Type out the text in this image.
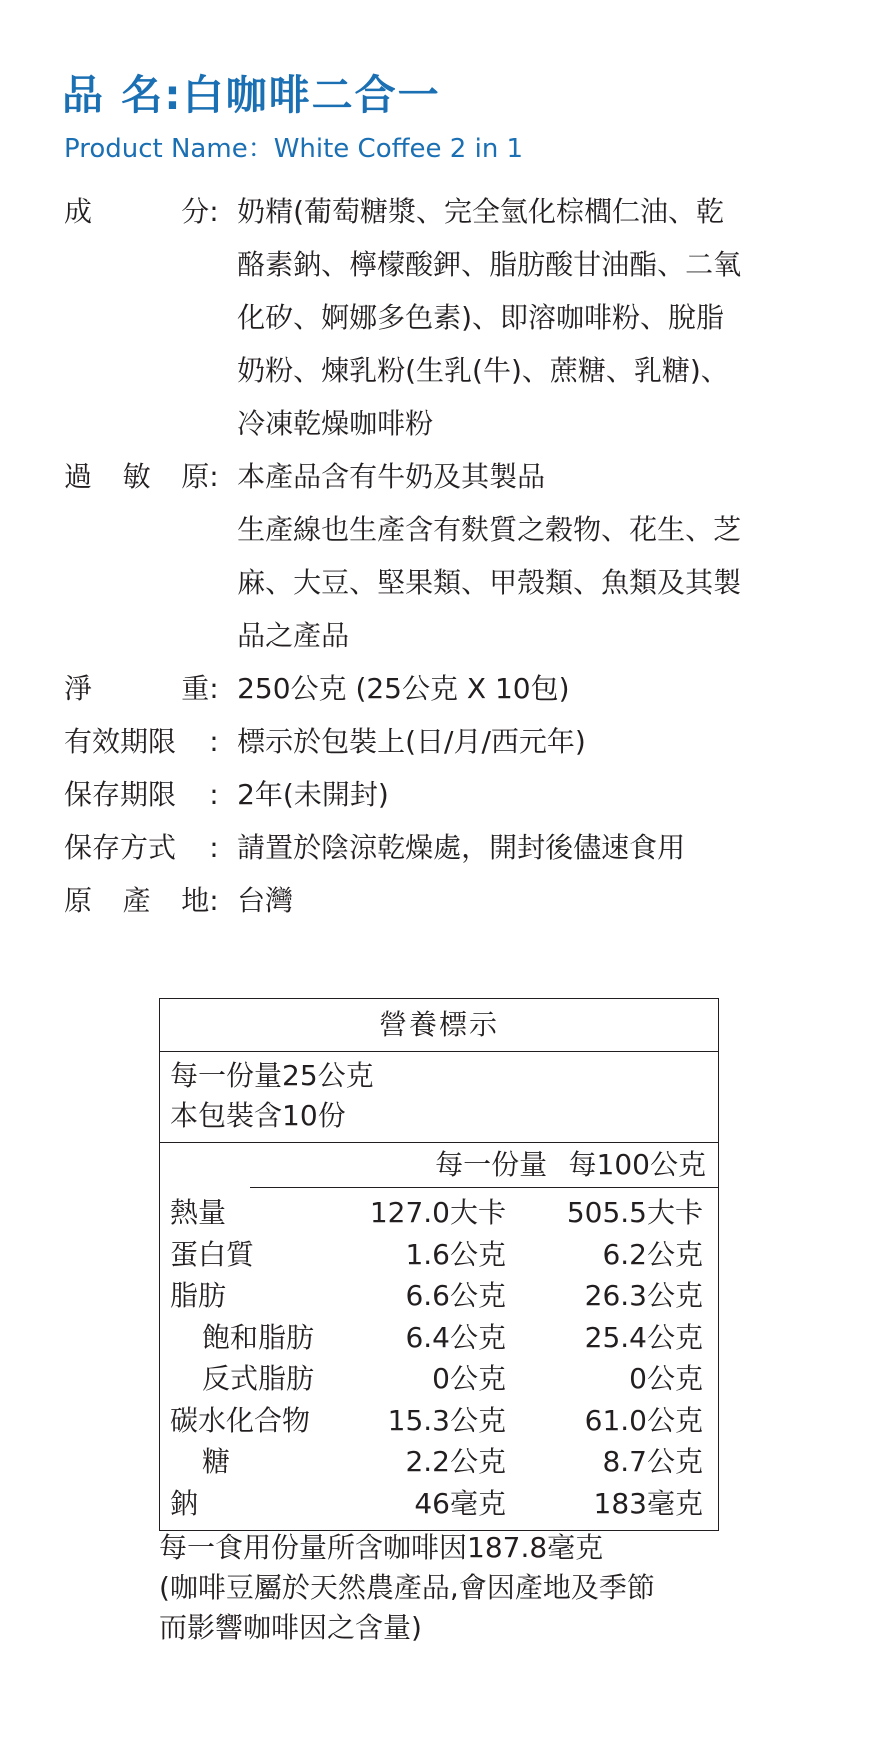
品 名:白咖啡二合一
Product Name：White Coffee 2 in 1
成	分 : 奶精(葡萄糖漿、完全氫化棕櫚仁油、乾
酪素鈉、檸檬酸鉀、脂肪酸甘油酯、二氧
化矽、婀娜多色素)、即溶咖啡粉、脫脂
奶粉、煉乳粉(生乳(牛)、蔗糖、乳糖)、
冷凍乾燥咖啡粉
過 敏 原 : 本產品含有牛奶及其製品
生產線也生產含有麩質之穀物、花生、芝
麻、大豆、堅果類、甲殼類、魚類及其製
品之產品
淨	重 : 250公克 (25公克 X 10包)
有效期限 : 標示於包裝上(日/月/西元年)
保存期限 : 2年(未開封)
保存方式 : 請置於陰涼乾燥處，開封後儘速食用
原 產 地 : 台灣
營養標示
每一份量25公克
本包裝含10份
每一份量 每100公克
熱量	127.0大卡	505.5大卡
蛋白質	1.6公克	6.2公克
脂肪	6.6公克	26.3公克
飽和脂肪	6.4公克	25.4公克
反式脂肪	0公克	0公克
碳水化合物	15.3公克	61.0公克
糖	2.2公克	8.7公克
鈉	46毫克	183毫克
每一食用份量所含咖啡因187.8毫克
(咖啡豆屬於天然農產品,會因產地及季節
而影響咖啡因之含量)
